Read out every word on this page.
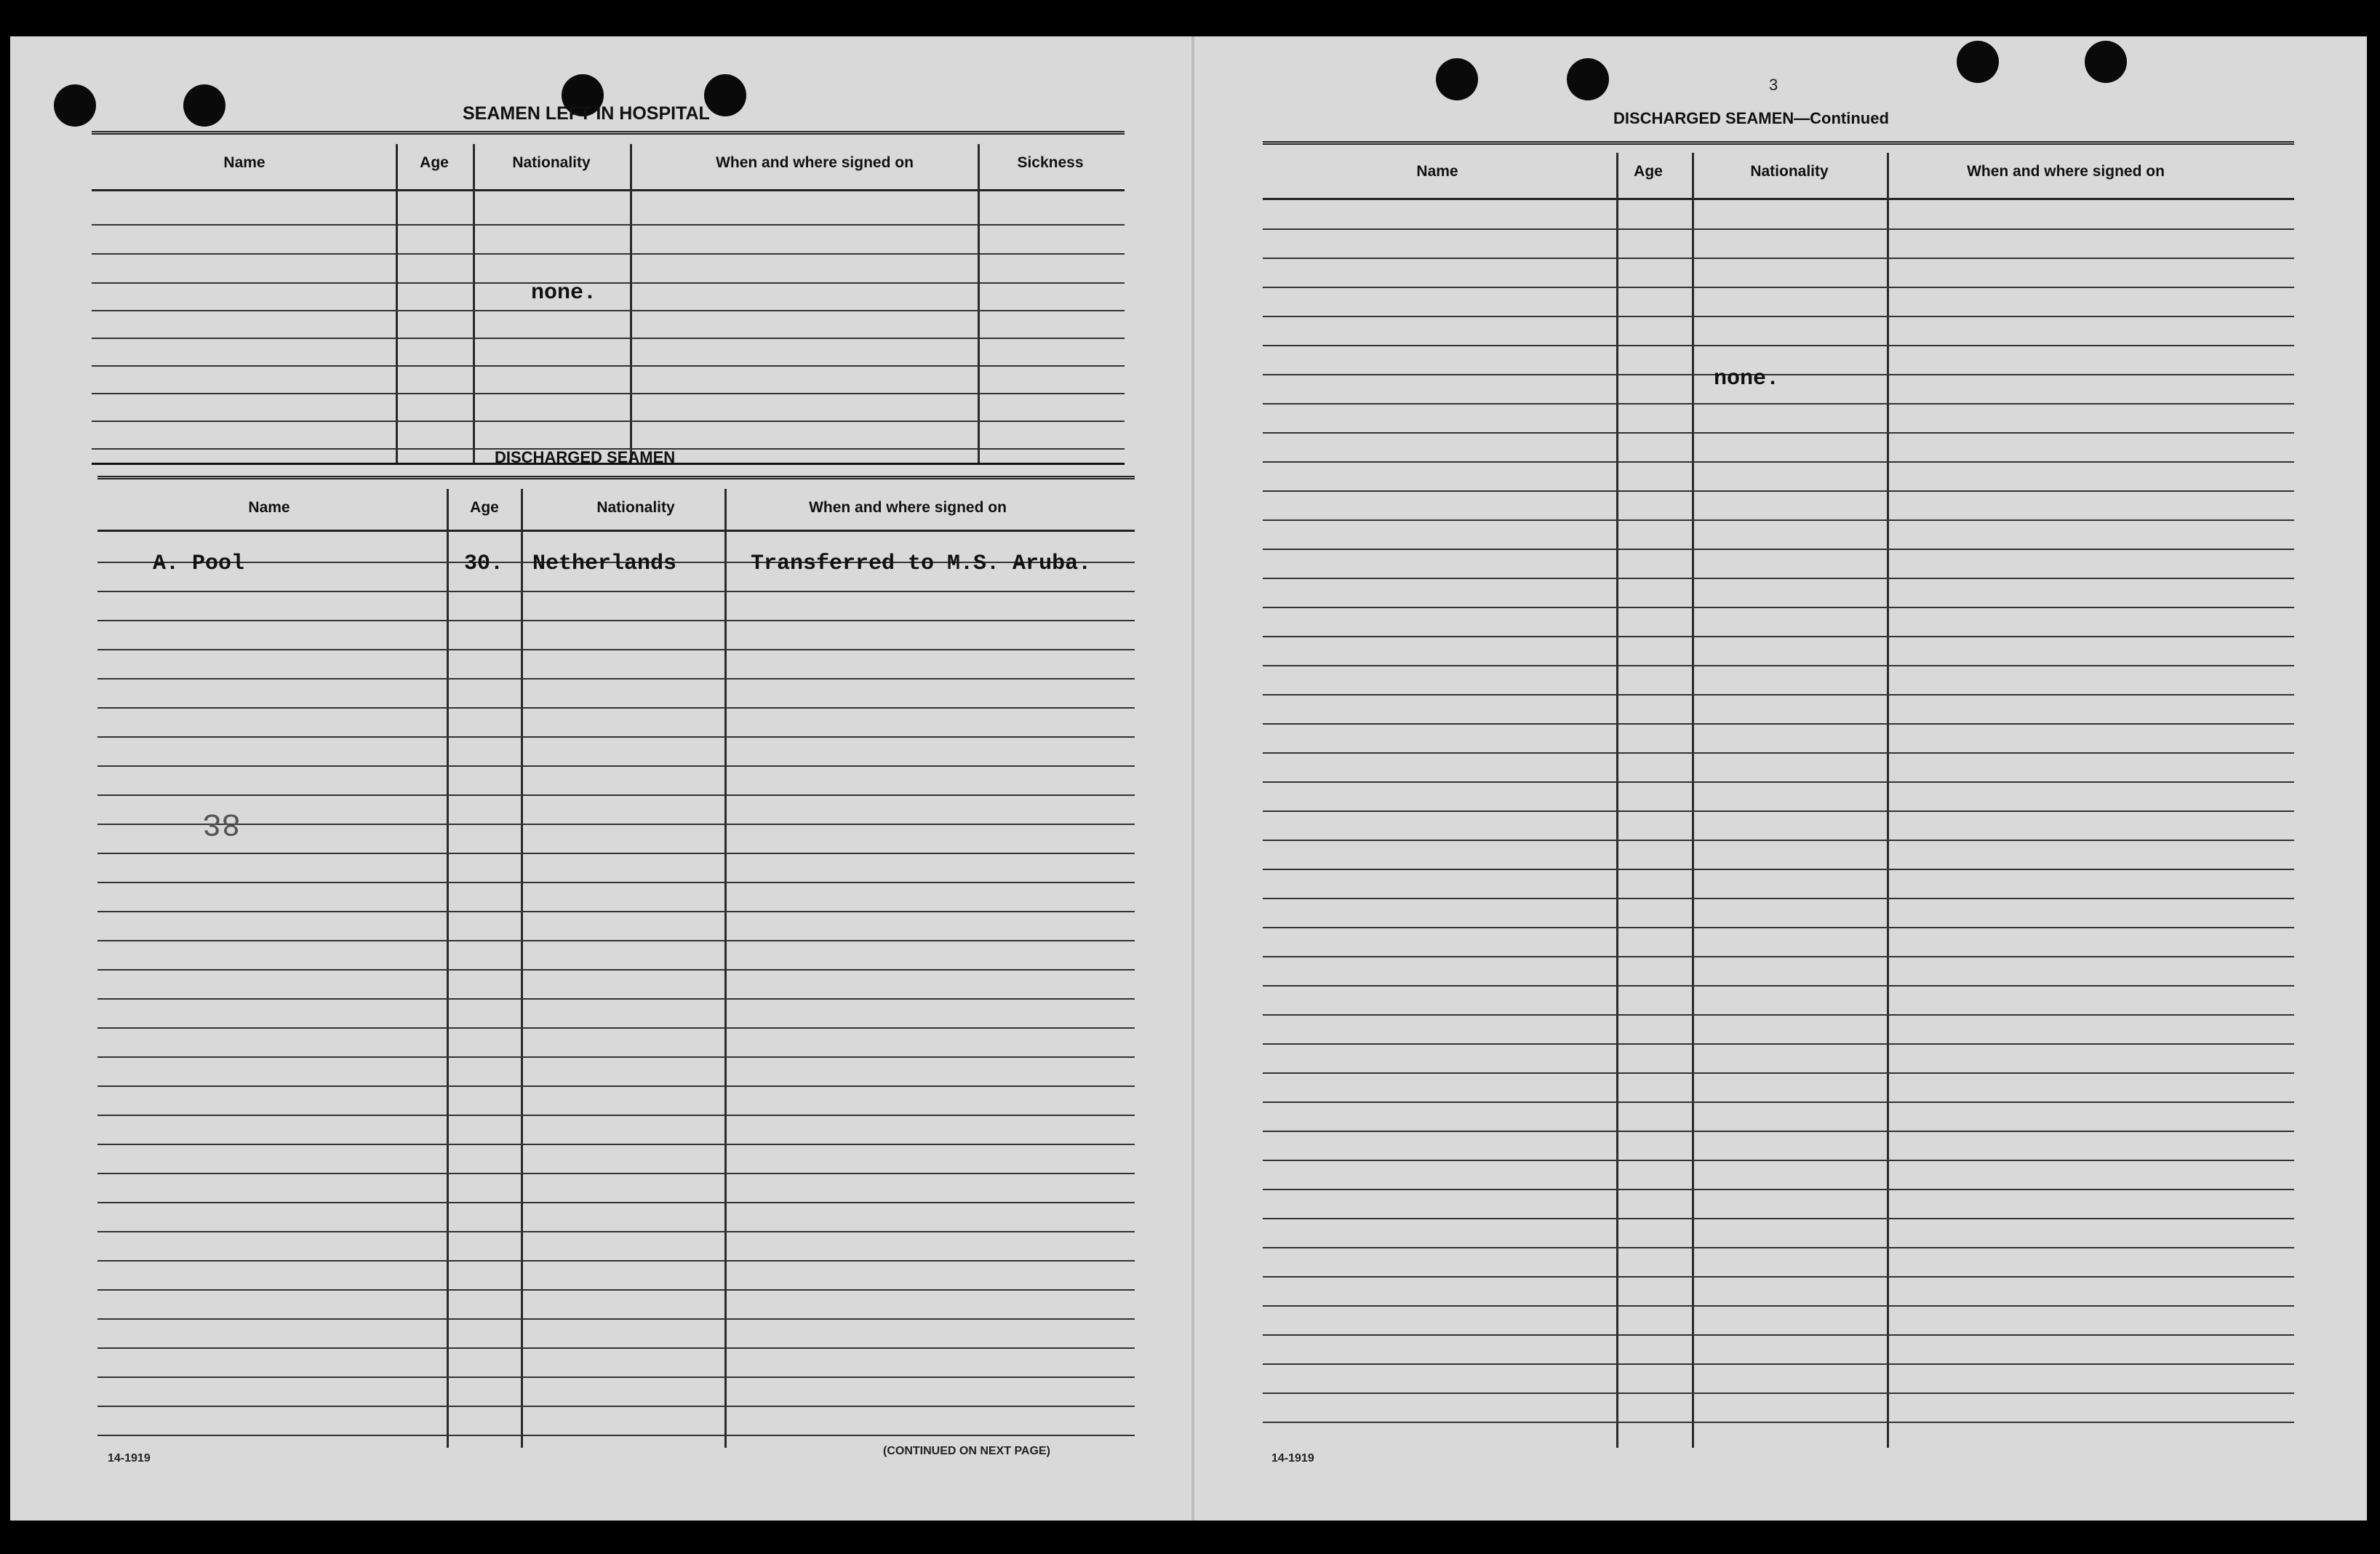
SEAMEN LEFT IN HOSPITAL
Name	Age	Nationality	When and where signed on	Sickness
none.
DISCHARGED SEAMEN
Name	Age	Nationality	When and where signed on
A. Pool	30. Netherlands	Transferred to M.S. Aruba.
38
14-1919
(CONTINUED ON NEXT PAGE)
3
DISCHARGED SEAMEN—Continued
Name	Age	Nationality	When and where signed on
none.
14-1919
